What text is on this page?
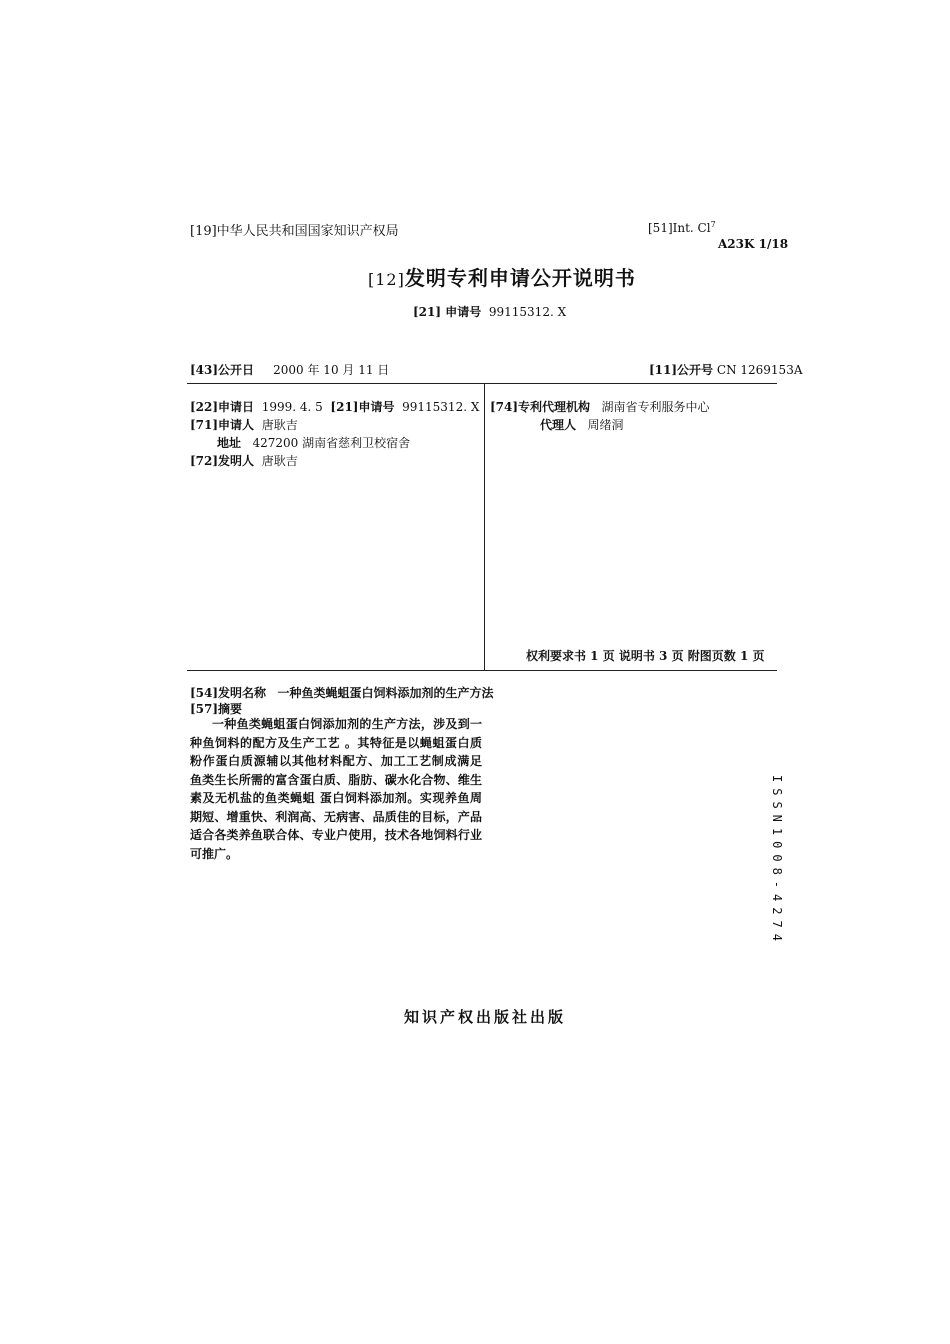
[19]中华人民共和国国家知识产权局	[51]Int. Cl$^7$
A23K 1/18
[12]发明专利申请公开说明书
[21] 申请号 99115312. X
[43]公开日 2000 年 10 月 11 日	[11]公开号 CN 1269153A
[22]申请日 1999. 4. 5 [21]申请号 99115312. X
[71]申请人 唐耿吉
地址 427200 湖南省慈利卫校宿舍
[72]发明人 唐耿吉
[74]专利代理机构 湖南省专利服务中心
代理人 周绪洞
权利要求书 1 页 说明书 3 页 附图页数 1 页
[54]发明名称 一种鱼类蝇蛆蛋白饲料添加剂的生产方法
[57]摘要
一种鱼类蝇蛆蛋白饲添加剂的生产方法，涉及到一种鱼饲料的配方及生产工艺 。其特征是以蝇蛆蛋白质粉作蛋白质源辅以其他材料配方、加工工艺制成满足 鱼类生长所需的富含蛋白质、脂肪、碳水化合物、维生素及无机盐的鱼类蝇蛆 蛋白饲料添加剂。实现养鱼周期短、增重快、利润高、无病害、品质佳的目标，产品适合各类养鱼联合体、专业户使用，技术各地饲料行业可推广。	ISSN1008-4274
知识产权出版社出版
